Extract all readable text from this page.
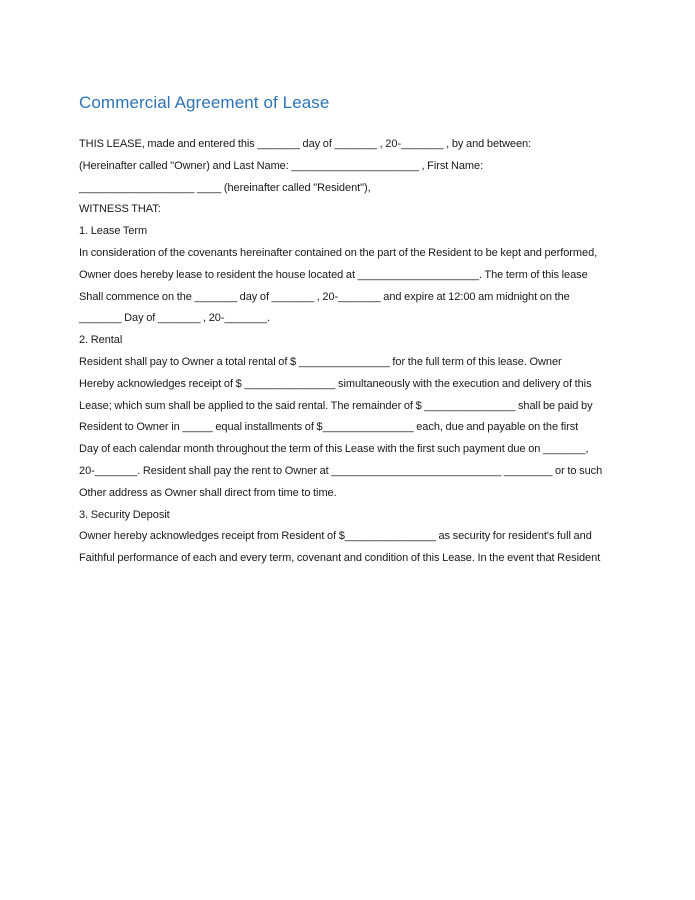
Commercial Agreement of Lease

THIS LEASE, made and entered this _______ day of _______ , 20-_______ , by and between:

(Hereinafter called "Owner) and Last Name: _____________________ , First Name:

___________________ ____ (hereinafter called "Resident"),

WITNESS THAT:

1. Lease Term

In consideration of the covenants hereinafter contained on the part of the Resident to be kept and performed,

Owner does hereby lease to resident the house located at ____________________. The term of this lease

Shall commence on the _______ day of _______ , 20-_______ and expire at 12:00 am midnight on the

_______ Day of _______ , 20-_______.

2. Rental

Resident shall pay to Owner a total rental of $ _______________ for the full term of this lease. Owner

Hereby acknowledges receipt of $ _______________ simultaneously with the execution and delivery of this

Lease; which sum shall be applied to the said rental. The remainder of $ _______________ shall be paid by

Resident to Owner in _____ equal installments of $_______________ each, due and payable on the first

Day of each calendar month throughout the term of this Lease with the first such payment due on _______,

20-_______. Resident shall pay the rent to Owner at ____________________________ ________ or to such

Other address as Owner shall direct from time to time.

3. Security Deposit

Owner hereby acknowledges receipt from Resident of $_______________ as security for resident's full and

Faithful performance of each and every term, covenant and condition of this Lease. In the event that Resident
